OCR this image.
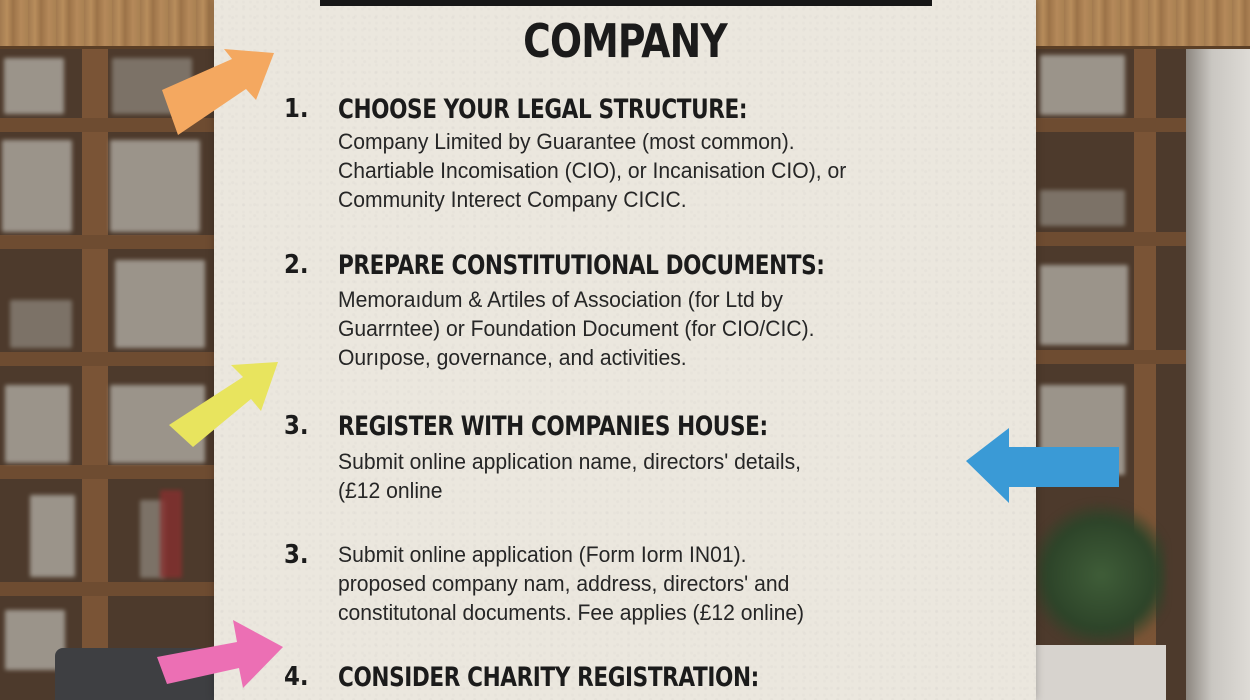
COMPANY
1. CHOOSE YOUR LEGAL STRUCTURE:
Company Limited by Guarantee (most common).
Chartiable Incomisation (CIO), or Incanisation CIO), or
Community Interect Company CICIC.
2. PREPARE CONSTITUTIONAL DOCUMENTS:
Memoraıdum & Artiles of Association (for Ltd by
Guarrntee) or Foundation Document (for CIO/CIC).
Ourıpose, governance, and activities.
3. REGISTER WITH COMPANIES HOUSE:
Submit online application name, directors' details,
(£12 online
3. Submit online application (Form Iorm IN01).
proposed company nam, address, directors' and
constitutonal documents. Fee applies (£12 online)
4. CONSIDER CHARITY REGISTRATION:
